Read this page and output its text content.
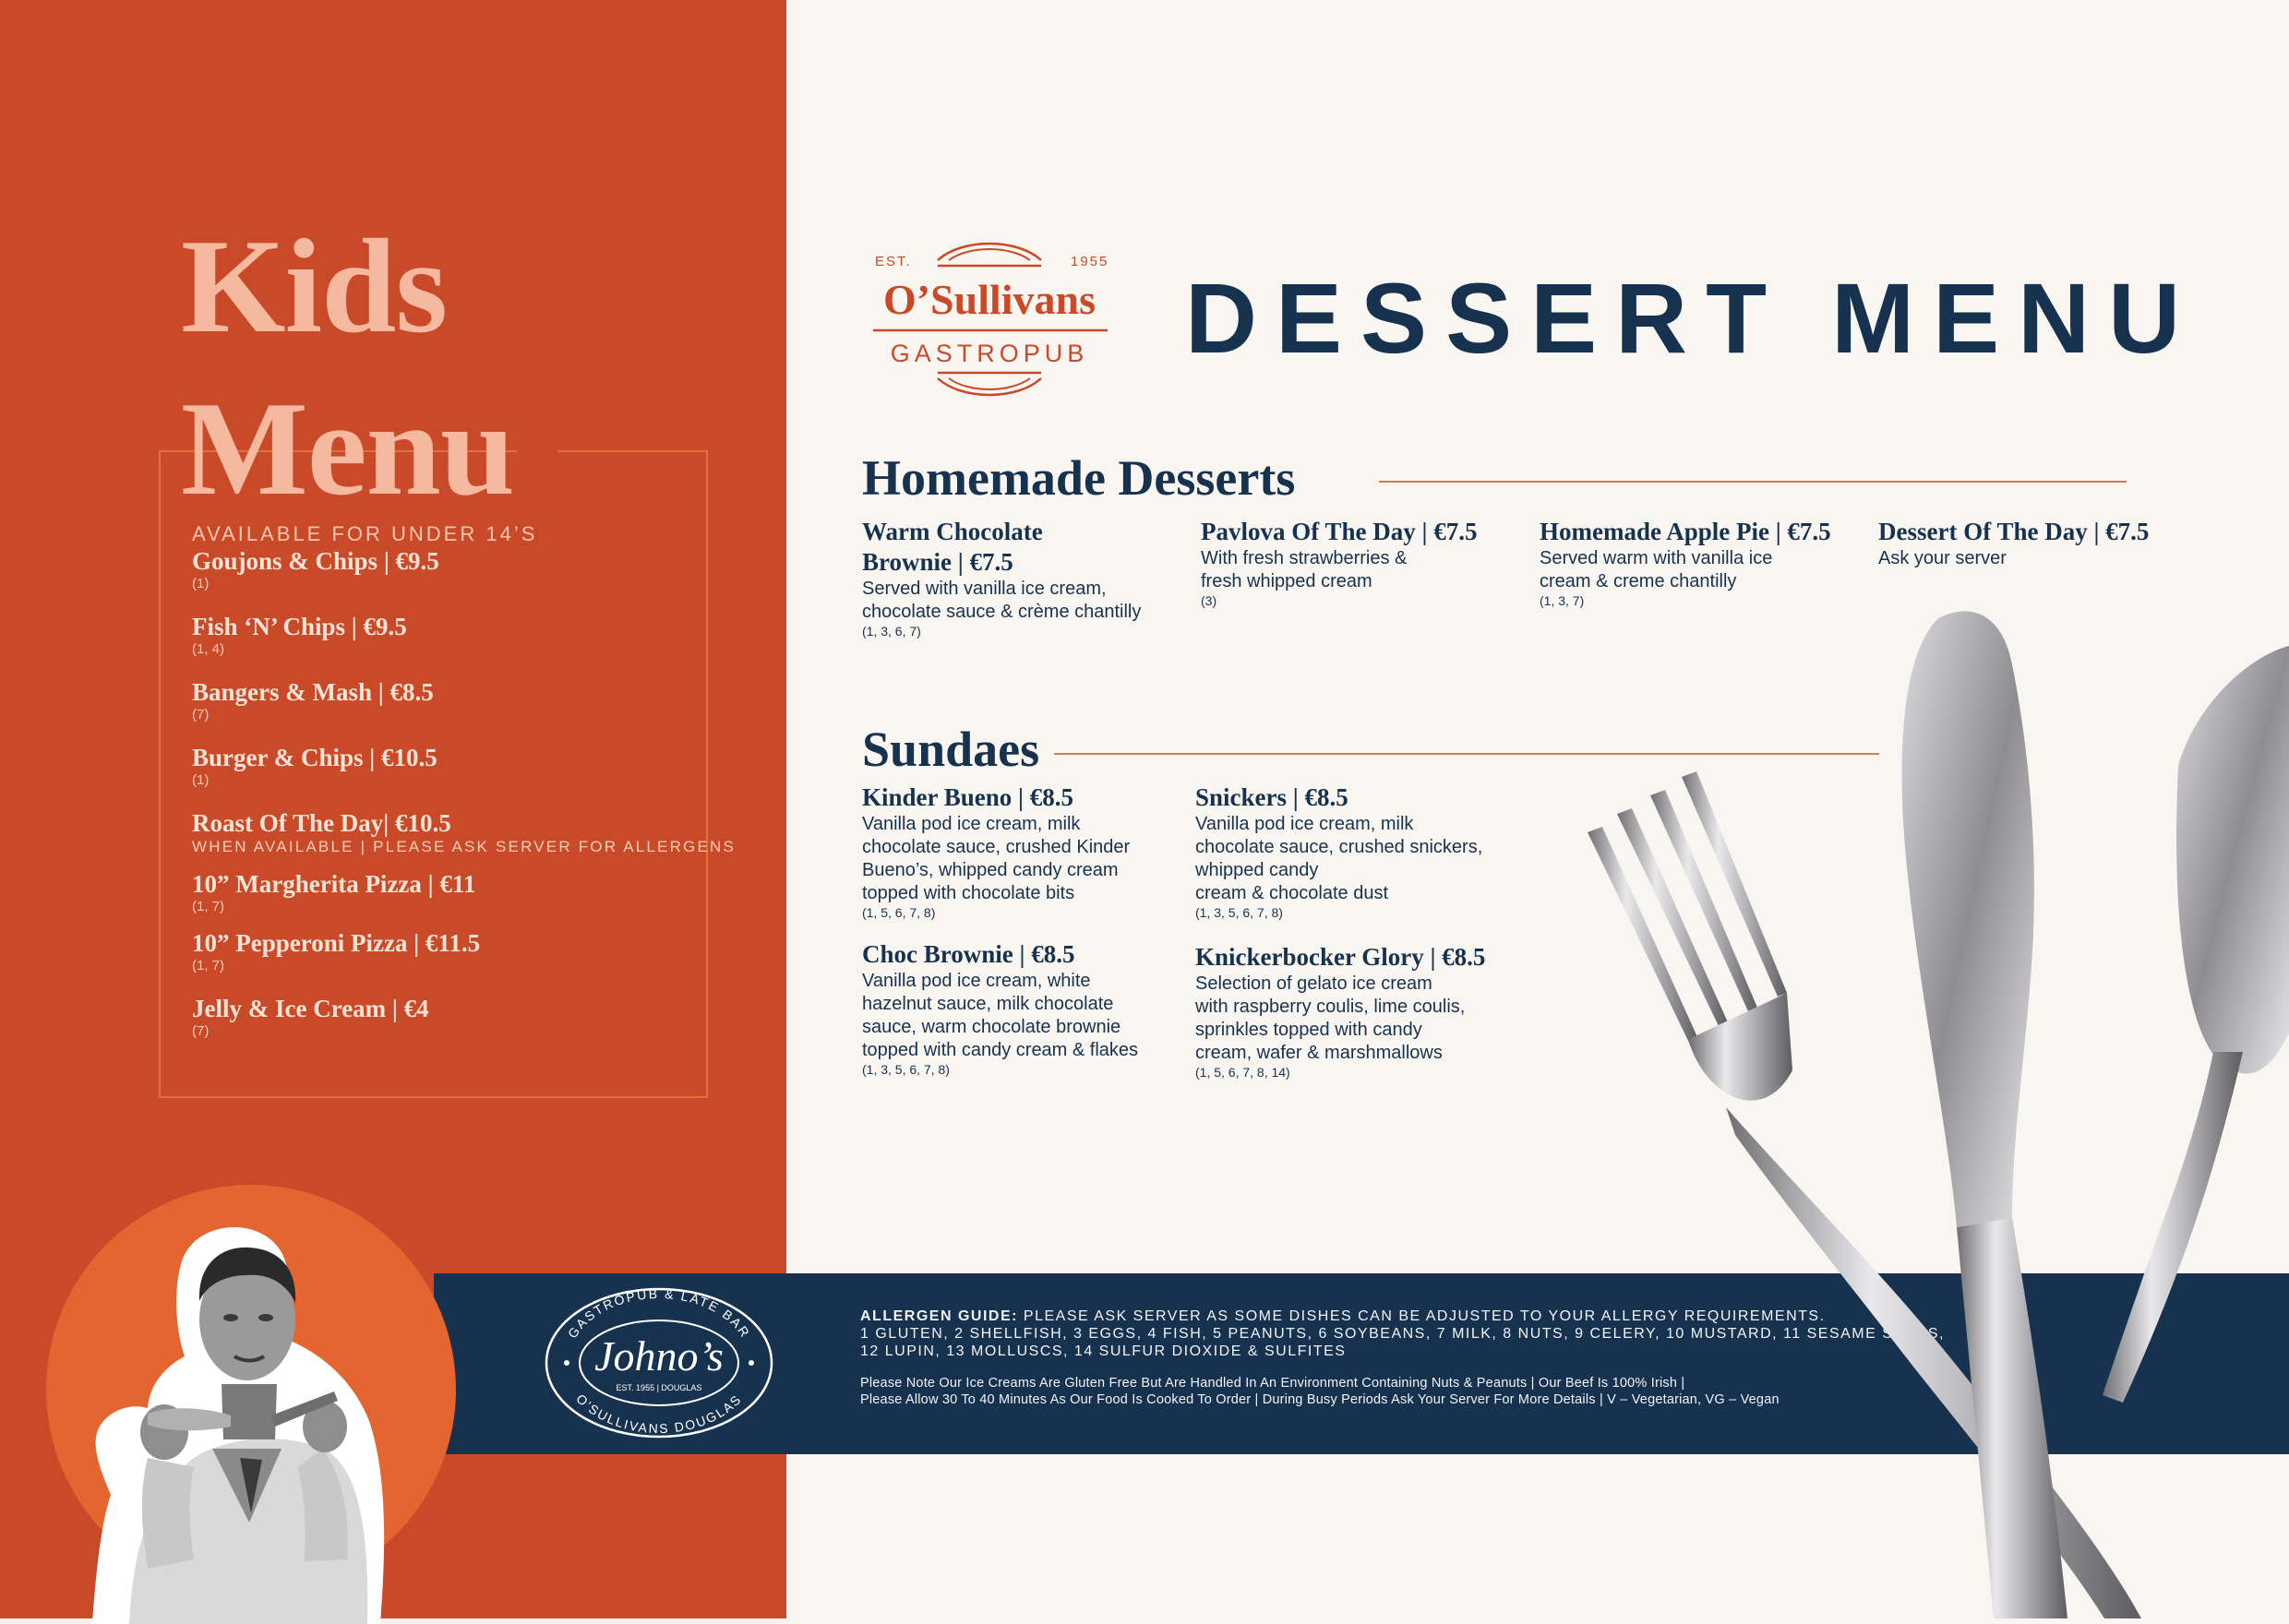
Kids
Menu
AVAILABLE FOR UNDER 14’S
Goujons & Chips | €9.5
(1)
Fish ‘N’ Chips | €9.5
(1, 4)
Bangers & Mash | €8.5
(7)
Burger & Chips | €10.5
(1)
Roast Of The Day| €10.5
WHEN AVAILABLE | PLEASE ASK SERVER FOR ALLERGENS
10” Margherita Pizza | €11
(1, 7)
10” Pepperoni Pizza | €11.5
(1, 7)
Jelly & Ice Cream | €4
(7)
GASTROPUB & LATE BAR
O’SULLIVANS DOUGLAS
Johno’s
EST. 1955 | DOUGLAS
ALLERGEN GUIDE: PLEASE ASK SERVER AS SOME DISHES CAN BE ADJUSTED TO YOUR ALLERGY REQUIREMENTS.
1 GLUTEN, 2 SHELLFISH, 3 EGGS, 4 FISH, 5 PEANUTS, 6 SOYBEANS, 7 MILK, 8 NUTS, 9 CELERY, 10 MUSTARD, 11 SESAME SEEDS,
12 LUPIN, 13 MOLLUSCS, 14 SULFUR DIOXIDE & SULFITES
Please Note Our Ice Creams Are Gluten Free But Are Handled In An Environment Containing Nuts & Peanuts | Our Beef Is 100% Irish |
Please Allow 30 To 40 Minutes As Our Food Is Cooked To Order | During Busy Periods Ask Your Server For More Details | V – Vegetarian, VG – Vegan
EST.	1955
O’Sullivans
GASTROPUB DESSERT MENU
Homemade Desserts
Warm Chocolate
Brownie | €7.5
Served with vanilla ice cream,
chocolate sauce & crème chantilly
(1, 3, 6, 7)
Pavlova Of The Day | €7.5
With fresh strawberries &
fresh whipped cream
(3)
Homemade Apple Pie | €7.5
Served warm with vanilla ice
cream & creme chantilly
(1, 3, 7)
Dessert Of The Day | €7.5
Ask your server
Sundaes
Kinder Bueno | €8.5
Vanilla pod ice cream, milk
chocolate sauce, crushed Kinder
Bueno’s, whipped candy cream
topped with chocolate bits
(1, 5, 6, 7, 8)
Snickers | €8.5
Vanilla pod ice cream, milk
chocolate sauce, crushed snickers,
whipped candy
cream & chocolate dust
(1, 3, 5, 6, 7, 8)
Choc Brownie | €8.5
Vanilla pod ice cream, white
hazelnut sauce, milk chocolate
sauce, warm chocolate brownie
topped with candy cream & flakes
(1, 3, 5, 6, 7, 8)
Knickerbocker Glory | €8.5
Selection of gelato ice cream
with raspberry coulis, lime coulis,
sprinkles topped with candy
cream, wafer & marshmallows
(1, 5, 6, 7, 8, 14)
